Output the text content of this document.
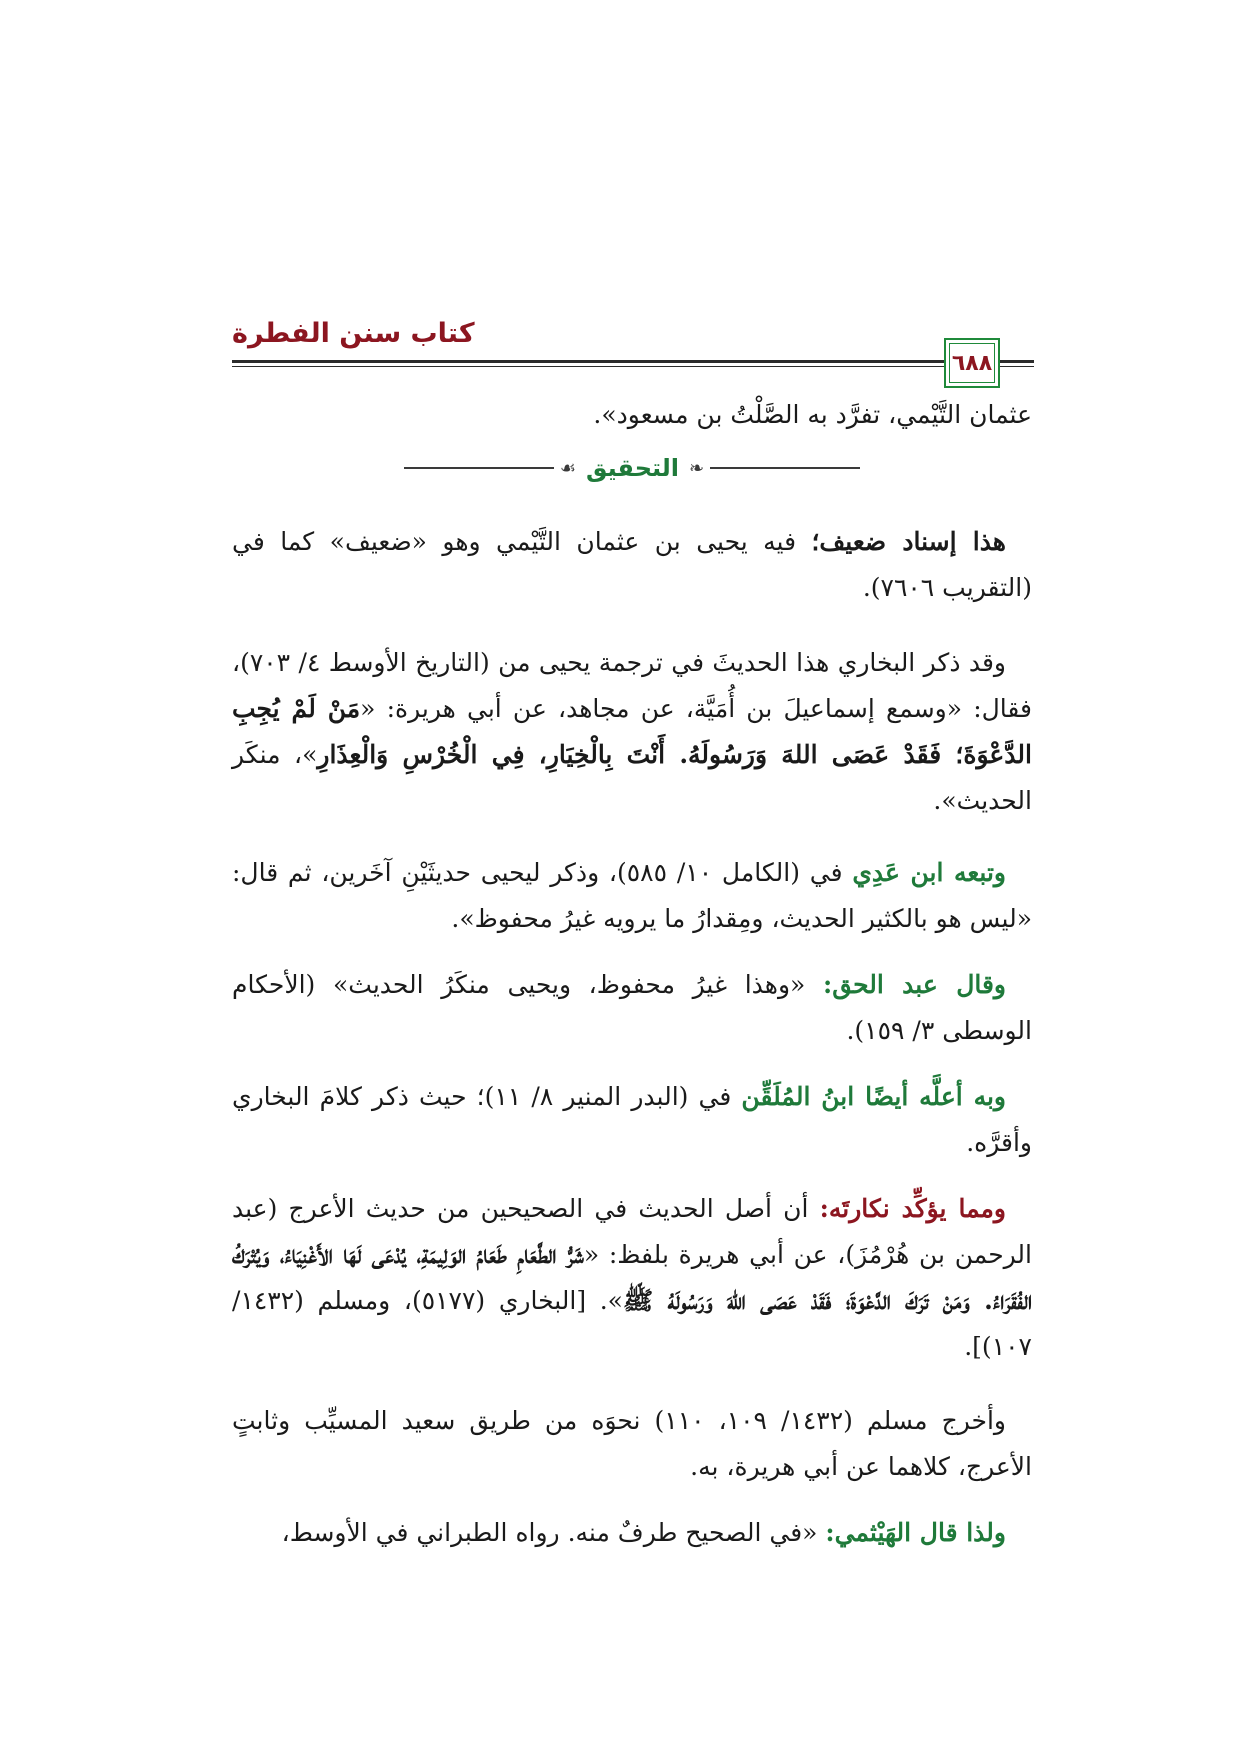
كتاب سنن الفطرة
٦٨٨
عثمان التَّيْمي، تفرَّد به الصَّلْتُ بن مسعود».
❧
التحقيق
☙
هذا إسناد ضعيف؛ فيه يحيى بن عثمان التَّيْمي وهو «ضعيف» كما في (التقريب ٧٦٠٦).
وقد ذكر البخاري هذا الحديثَ في ترجمة يحيى من (التاريخ الأوسط ٤/ ٧٠٣)، فقال: «وسمع إسماعيلَ بن أُمَيَّة، عن مجاهد، عن أبي هريرة: «مَنْ لَمْ يُجِبِ الدَّعْوَةَ؛ فَقَدْ عَصَى اللهَ وَرَسُولَهُ. أَنْتَ بِالْخِيَارِ، فِي الْخُرْسِ وَالْعِذَارِ»، منكَر الحديث».
وتبعه ابن عَدِي في (الكامل ١٠/ ٥٨٥)، وذكر ليحيى حديثَيْنِ آخَرين، ثم قال: «ليس هو بالكثير الحديث، ومِقدارُ ما يرويه غيرُ محفوظ».
وقال عبد الحق: «وهذا غيرُ محفوظ، ويحيى منكَرُ الحديث» (الأحكام الوسطى ٣/ ١٥٩).
وبه أعلَّه أيضًا ابنُ المُلَقِّن في (البدر المنير ٨/ ١١)؛ حيث ذكر كلامَ البخاري وأقرَّه.
ومما يؤكِّد نكارتَه: أن أصل الحديث في الصحيحين من حديث الأعرج (عبد الرحمن بن هُرْمُزَ)، عن أبي هريرة بلفظ: «شَرُّ الطَّعَامِ طَعَامُ الوَلِيمَةِ، يُدْعَى لَهَا الأَغْنِيَاءُ، وَيُتْرَكُ الفُقَرَاءُ. وَمَنْ تَرَكَ الدَّعْوَةَ؛ فَقَدْ عَصَى اللهَ وَرَسُولَهُ ﷺ». [البخاري (٥١٧٧)، ومسلم (١٤٣٢/ ١٠٧)].
وأخرج مسلم (١٤٣٢/ ١٠٩، ١١٠) نحوَه من طريق سعيد المسيِّب وثابتٍ الأعرج، كلاهما عن أبي هريرة، به.
ولذا قال الهَيْثمي: «في الصحيح طرفٌ منه. رواه الطبراني في الأوسط،
